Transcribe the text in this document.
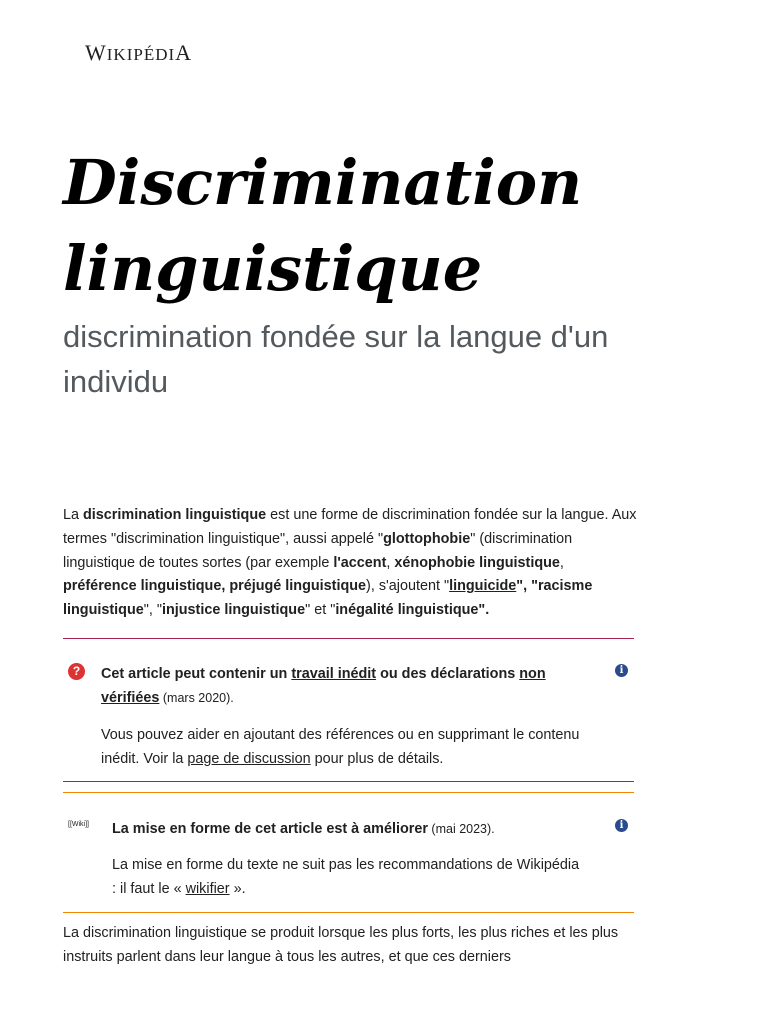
WIKIPÉDIA
Discrimination linguistique
discrimination fondée sur la langue d'un individu

La discrimination linguistique est une forme de discrimination fondée sur la langue. Aux termes "discrimination linguistique", aussi appelé "glottophobie" (discrimination linguistique de toutes sortes (par exemple l'accent, xénophobie linguistique, préférence linguistique, préjugé linguistique), s'ajoutent "linguicide", "racisme linguistique", "injustice linguistique" et "inégalité linguistique".

?	Cet article peut contenir un travail inédit ou des déclarations non vérifiées (mars 2020).
Vous pouvez aider en ajoutant des références ou en supprimant le contenu inédit. Voir la page de discussion pour plus de détails.
i
[[Wiki]] La mise en forme de cet article est à améliorer (mai 2023).
La mise en forme du texte ne suit pas les recommandations de Wikipédia : il faut le « wikifier ».
i

La discrimination linguistique se produit lorsque les plus forts, les plus riches et les plus instruits parlent dans leur langue à tous les autres, et que ces derniers
